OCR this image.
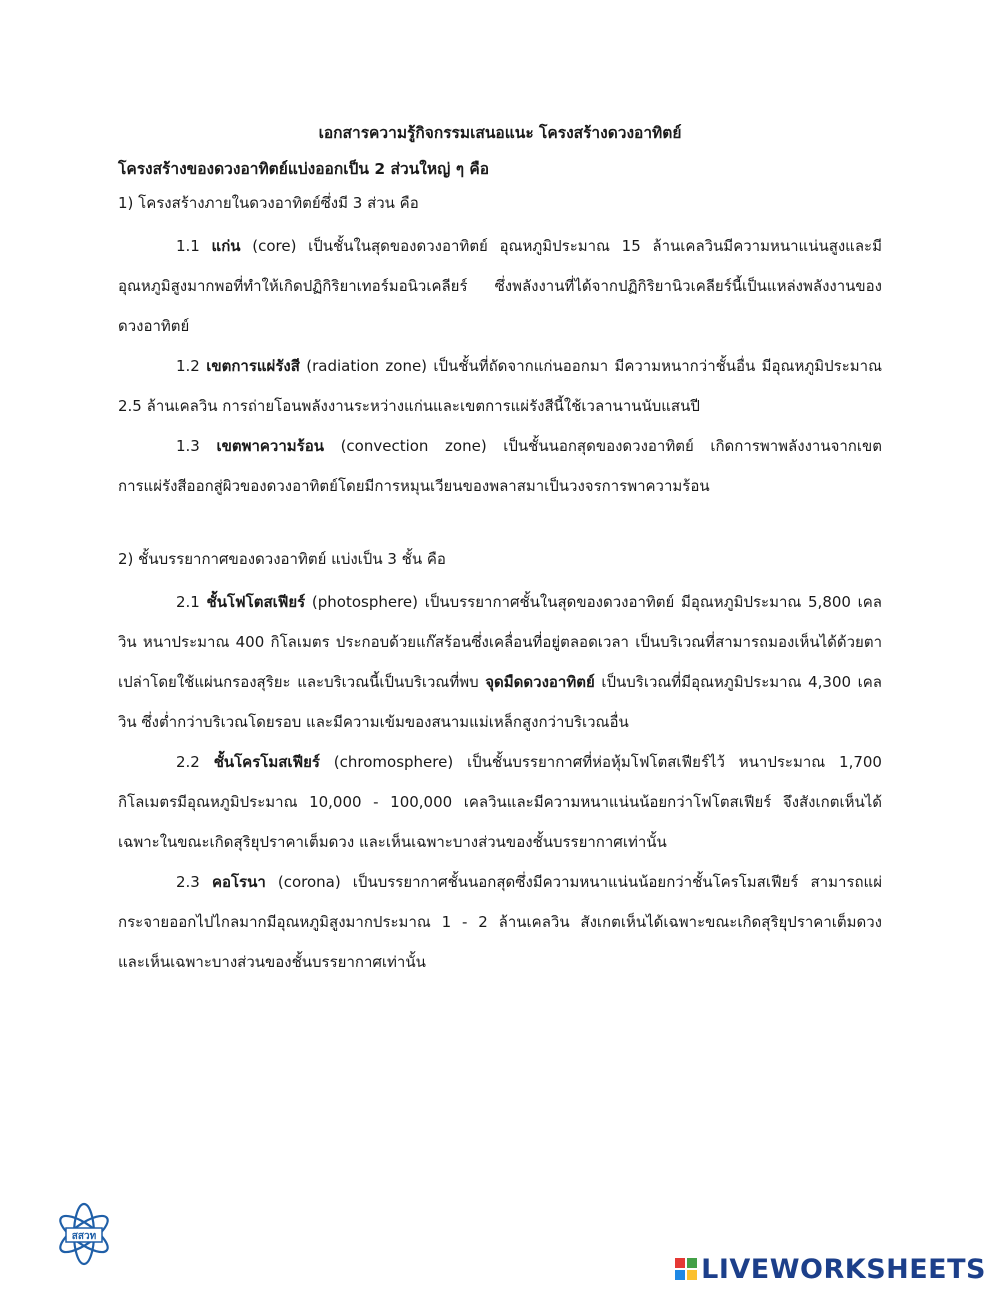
เอกสารความรู้กิจกรรมเสนอแนะ โครงสร้างดวงอาทิตย์

โครงสร้างของดวงอาทิตย์แบ่งออกเป็น 2 ส่วนใหญ่ ๆ คือ

1) โครงสร้างภายในดวงอาทิตย์ซึ่งมี 3 ส่วน คือ

1.1 แก่น (core) เป็นชั้นในสุดของดวงอาทิตย์ อุณหภูมิประมาณ 15 ล้านเคลวินมีความหนาแน่นสูงและมีอุณหภูมิสูงมากพอที่ทำให้เกิดปฏิกิริยาเทอร์มอนิวเคลียร์ ซึ่งพลังงานที่ได้จากปฏิกิริยานิวเคลียร์นี้เป็นแหล่งพลังงานของดวงอาทิตย์

1.2 เขตการแผ่รังสี (radiation zone) เป็นชั้นที่ถัดจากแก่นออกมา มีความหนากว่าชั้นอื่น มีอุณหภูมิประมาณ 2.5 ล้านเคลวิน การถ่ายโอนพลังงานระหว่างแก่นและเขตการแผ่รังสีนี้ใช้เวลานานนับแสนปี

1.3 เขตพาความร้อน (convection zone) เป็นชั้นนอกสุดของดวงอาทิตย์ เกิดการพาพลังงานจากเขตการแผ่รังสีออกสู่ผิวของดวงอาทิตย์โดยมีการหมุนเวียนของพลาสมาเป็นวงจรการพาความร้อน

2) ชั้นบรรยากาศของดวงอาทิตย์ แบ่งเป็น 3 ชั้น คือ

2.1 ชั้นโฟโตสเฟียร์ (photosphere) เป็นบรรยากาศชั้นในสุดของดวงอาทิตย์ มีอุณหภูมิประมาณ 5,800 เคลวิน หนาประมาณ 400 กิโลเมตร ประกอบด้วยแก๊สร้อนซึ่งเคลื่อนที่อยู่ตลอดเวลา เป็นบริเวณที่สามารถมองเห็นได้ด้วยตาเปล่าโดยใช้แผ่นกรองสุริยะ และบริเวณนี้เป็นบริเวณที่พบ จุดมืดดวงอาทิตย์ เป็นบริเวณที่มีอุณหภูมิประมาณ 4,300 เคลวิน ซึ่งต่ำกว่าบริเวณโดยรอบ และมีความเข้มของสนามแม่เหล็กสูงกว่าบริเวณอื่น

2.2 ชั้นโครโมสเฟียร์ (chromosphere) เป็นชั้นบรรยากาศที่ห่อหุ้มโฟโตสเฟียร์ไว้ หนาประมาณ 1,700 กิโลเมตรมีอุณหภูมิประมาณ 10,000 - 100,000 เคลวินและมีความหนาแน่นน้อยกว่าโฟโตสเฟียร์ จึงสังเกตเห็นได้เฉพาะในขณะเกิดสุริยุปราคาเต็มดวง และเห็นเฉพาะบางส่วนของชั้นบรรยากาศเท่านั้น

2.3 คอโรนา (corona) เป็นบรรยากาศชั้นนอกสุดซึ่งมีความหนาแน่นน้อยกว่าชั้นโครโมสเฟียร์ สามารถแผ่กระจายออกไปไกลมากมีอุณหภูมิสูงมากประมาณ 1 - 2 ล้านเคลวิน สังเกตเห็นได้เฉพาะขณะเกิดสุริยุปราคาเต็มดวง และเห็นเฉพาะบางส่วนของชั้นบรรยากาศเท่านั้น

สสวท
LIVEWORKSHEETS
